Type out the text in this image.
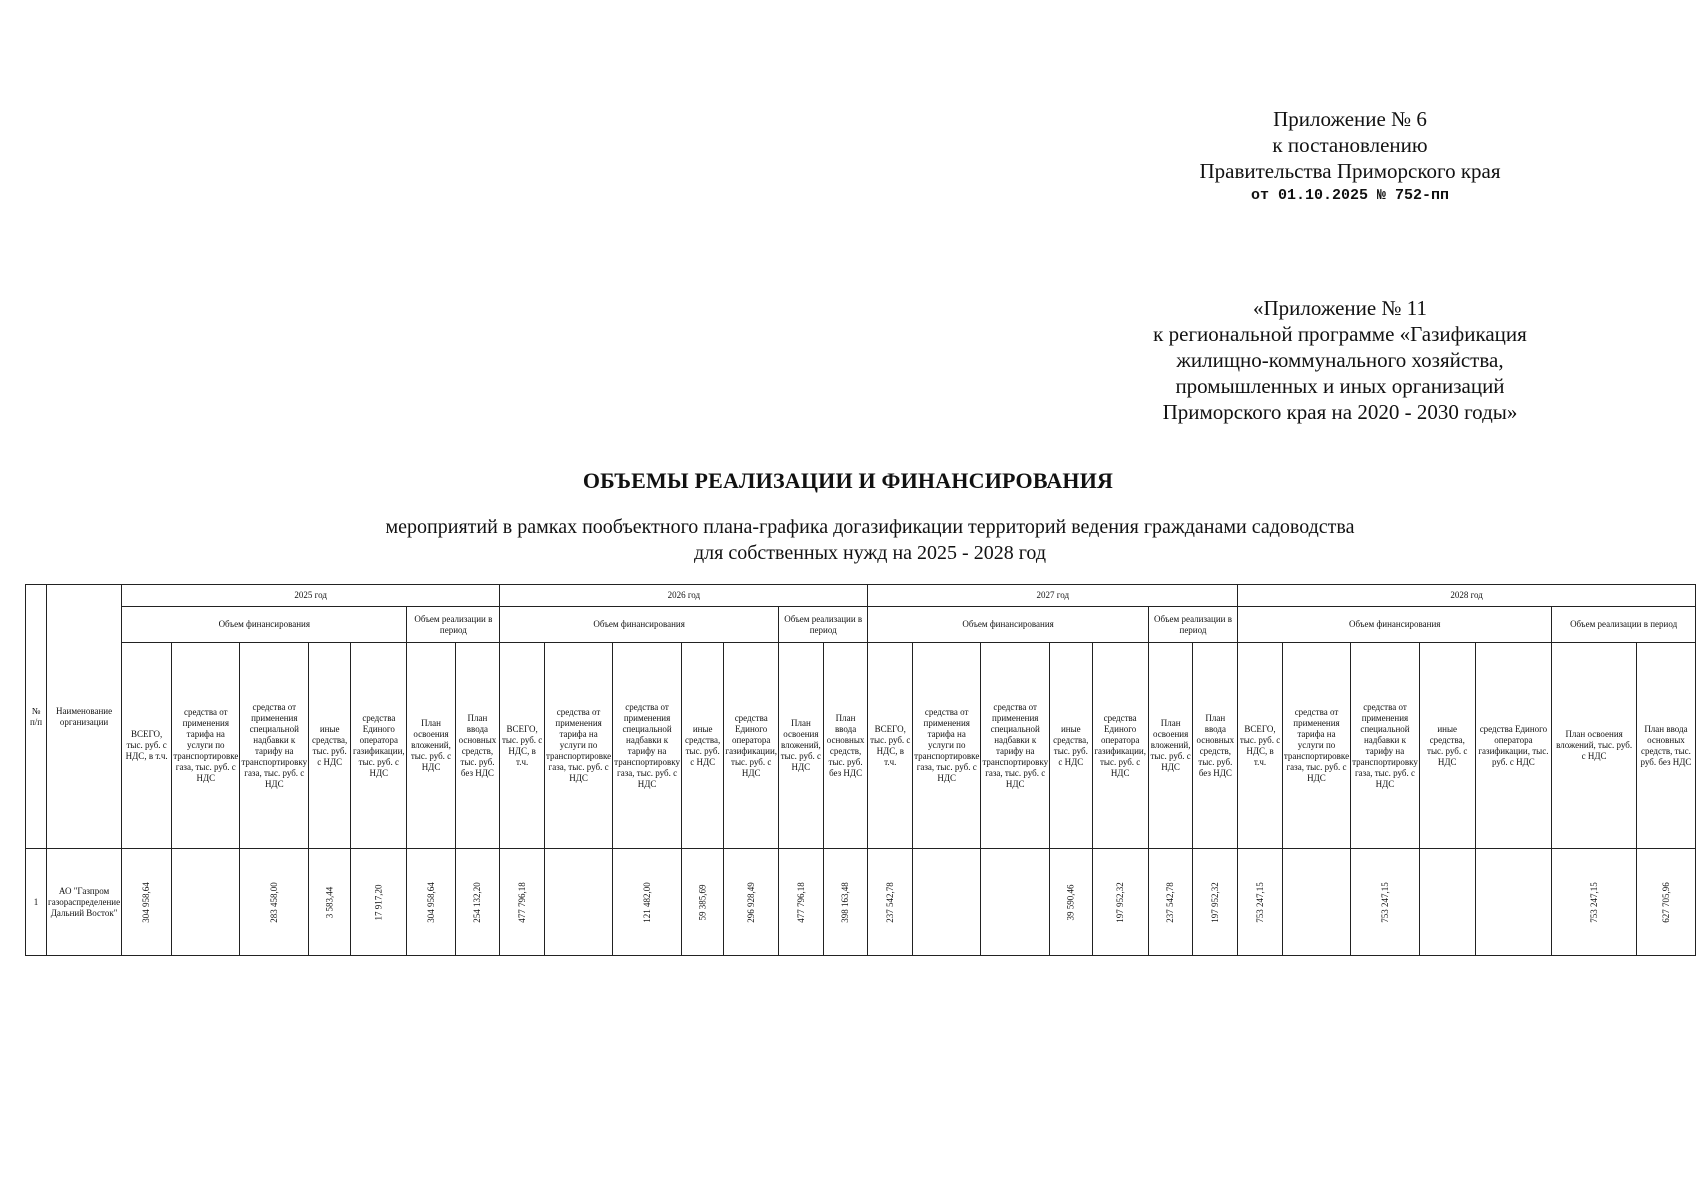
Приложение № 6
к постановлению
Правительства Приморского края
от 01.10.2025 № 752-пп
«Приложение № 11
к региональной программе «Газификация
жилищно-коммунального хозяйства,
промышленных и иных организаций
Приморского края на 2020 - 2030 годы»
ОБЪЕМЫ РЕАЛИЗАЦИИ И ФИНАНСИРОВАНИЯ
мероприятий в рамках пообъектного плана-графика догазификации территорий ведения гражданами садоводства
для собственных нужд на 2025 - 2028 год
№ п/п	Наименование организации	2025 год							2026 год							2027 год							2028 год						
		Объем финансирования					Объем реализации в период		Объем финансирования					Объем реализации в период		Объем финансирования					Объем реализации в период		Объем финансирования					Объем реализации в период	
		ВСЕГО, тыс. руб. с НДС, в т.ч.	средства от применения тарифа на услуги по транспортировке газа, тыс. руб. с НДС	средства от применения специальной надбавки к тарифу на транспортировку газа, тыс. руб. с НДС	иные средства, тыс. руб. с НДС	средства Единого оператора газификации, тыс. руб. с НДС	План освоения вложений, тыс. руб. с НДС	План ввода основных средств, тыс. руб. без НДС	ВСЕГО, тыс. руб. с НДС, в т.ч.	средства от применения тарифа на услуги по транспортировке газа, тыс. руб. с НДС	средства от применения специальной надбавки к тарифу на транспортировку газа, тыс. руб. с НДС	иные средства, тыс. руб. с НДС	средства Единого оператора газификации, тыс. руб. с НДС	План освоения вложений, тыс. руб. с НДС	План ввода основных средств, тыс. руб. без НДС	ВСЕГО, тыс. руб. с НДС, в т.ч.	средства от применения тарифа на услуги по транспортировке газа, тыс. руб. с НДС	средства от применения специальной надбавки к тарифу на транспортировку газа, тыс. руб. с НДС	иные средства, тыс. руб. с НДС	средства Единого оператора газификации, тыс. руб. с НДС	План освоения вложений, тыс. руб. с НДС	План ввода основных средств, тыс. руб. без НДС	ВСЕГО, тыс. руб. с НДС, в т.ч.	средства от применения тарифа на услуги по транспортировке газа, тыс. руб. с НДС	средства от применения специальной надбавки к тарифу на транспортировку газа, тыс. руб. с НДС	иные средства, тыс. руб. с НДС	средства Единого оператора газификации, тыс. руб. с НДС	План освоения вложений, тыс. руб. с НДС	План ввода основных средств, тыс. руб. без НДС
1	АО "Газпром газораспределение Дальний Восток"	304 958,64		283 458,00	3 583,44	17 917,20	304 958,64	254 132,20	477 796,18		121 482,00	59 385,69	296 928,49	477 796,18	398 163,48	237 542,78			39 590,46	197 952,32	237 542,78	197 952,32	753 247,15		753 247,15			753 247,15	627 705,96
